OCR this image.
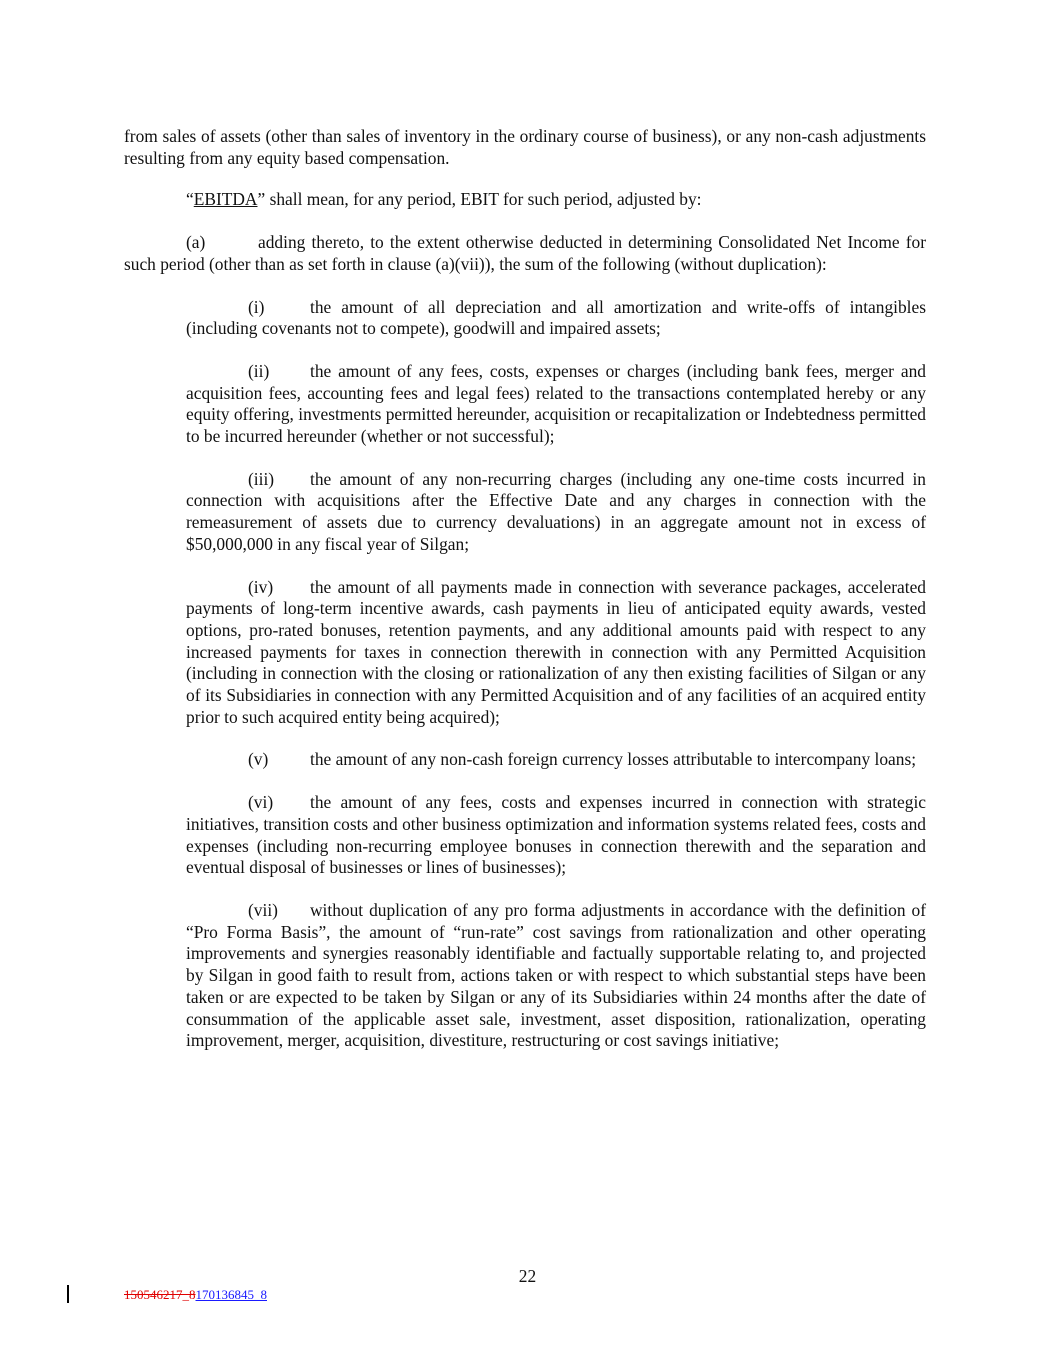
from sales of assets (other than sales of inventory in the ordinary course of business), or any non-cash adjustments resulting from any equity based compensation.

“EBITDA” shall mean, for any period, EBIT for such period, adjusted by:

(a)	adding thereto, to the extent otherwise deducted in determining Consolidated Net Income for such period (other than as set forth in clause (a)(vii)), the sum of the following (without duplication):

(i)	the amount of all depreciation and all amortization and write-offs of intangibles (including covenants not to compete), goodwill and impaired assets;

(ii) the amount of any fees, costs, expenses or charges (including bank fees, merger and acquisition fees, accounting fees and legal fees) related to the transactions contemplated hereby or any equity offering, investments permitted hereunder, acquisition or recapitalization or Indebtedness permitted to be incurred hereunder (whether or not successful);

(iii) the amount of any non-recurring charges (including any one-time costs incurred in connection with acquisitions after the Effective Date and any charges in connection with the remeasurement of assets due to currency devaluations) in an aggregate amount not in excess of $50,000,000 in any fiscal year of Silgan;

(iv) the amount of all payments made in connection with severance packages, accelerated payments of long-term incentive awards, cash payments in lieu of anticipated equity awards, vested options, pro-rated bonuses, retention payments, and any additional amounts paid with respect to any increased payments for taxes in connection therewith in connection with any Permitted Acquisition (including in connection with the closing or rationalization of any then existing facilities of Silgan or any of its Subsidiaries in connection with any Permitted Acquisition and of any facilities of an acquired entity prior to such acquired entity being acquired);

(v) the amount of any non-cash foreign currency losses attributable to intercompany loans;

(vi) the amount of any fees, costs and expenses incurred in connection with strategic initiatives, transition costs and other business optimization and information systems related fees, costs and expenses (including non-recurring employee bonuses in connection therewith and the separation and eventual disposal of businesses or lines of businesses);

(vii) without duplication of any pro forma adjustments in accordance with the definition of “Pro Forma Basis”, the amount of “run-rate” cost savings from rationalization and other operating improvements and synergies reasonably identifiable and factually supportable relating to, and projected by Silgan in good faith to result from, actions taken or with respect to which substantial steps have been taken or are expected to be taken by Silgan or any of its Subsidiaries within 24 months after the date of consummation of the applicable asset sale, investment, asset disposition, rationalization, operating improvement, merger, acquisition, divestiture, restructuring or cost savings initiative;

22
150546217_8170136845_8
